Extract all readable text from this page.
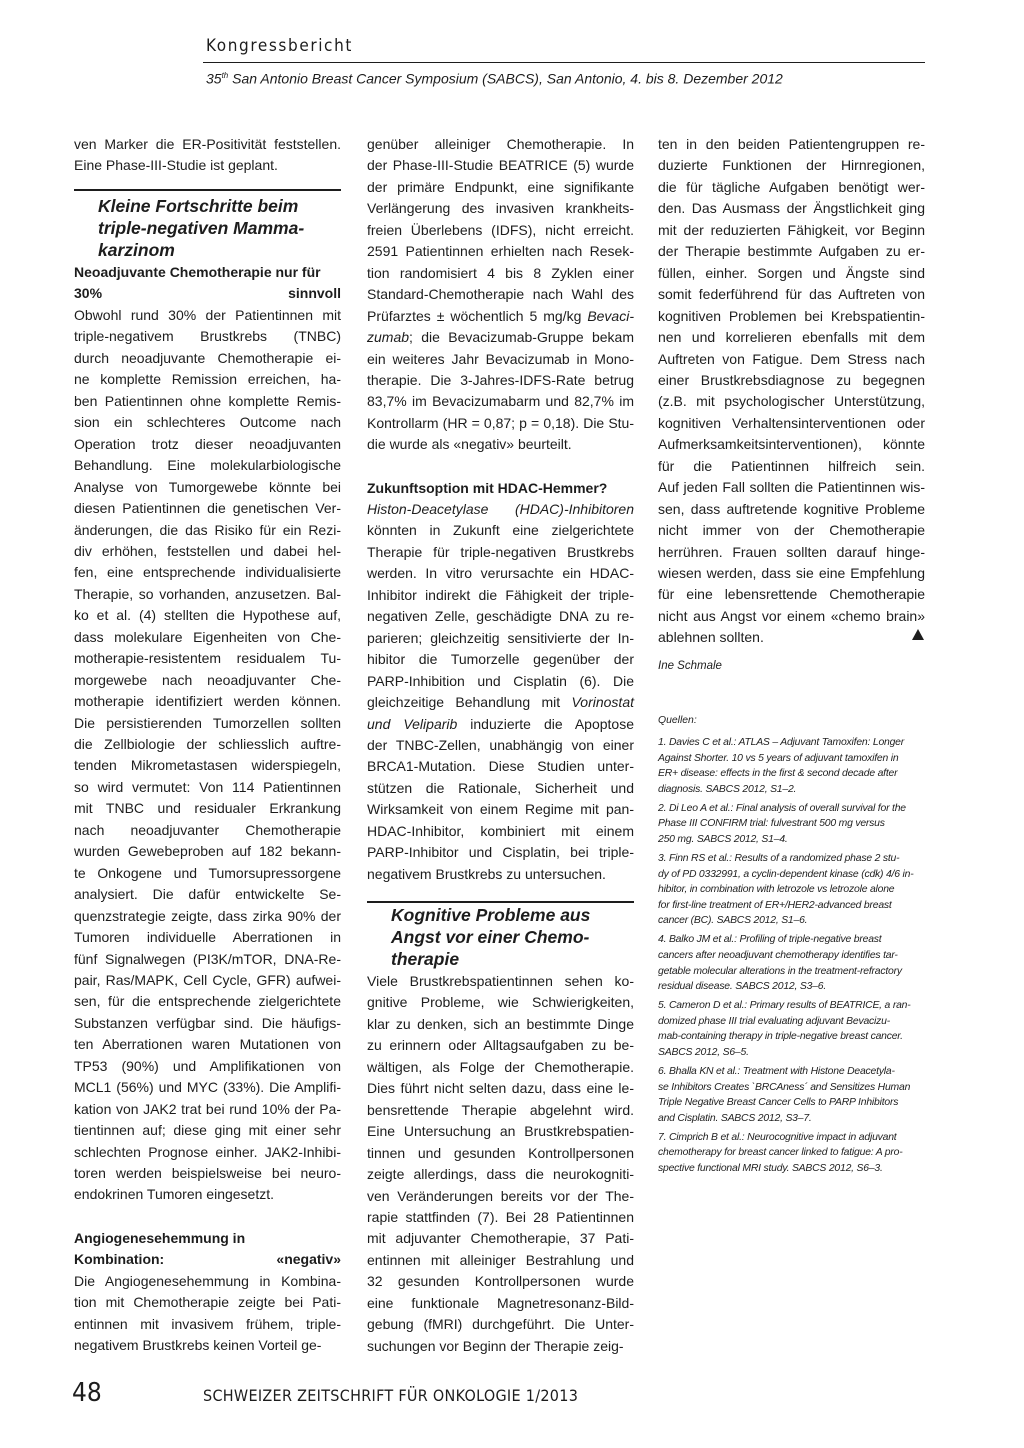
Kongressbericht
35th San Antonio Breast Cancer Symposium (SABCS), San Antonio, 4. bis 8. Dezember 2012
ven Marker die ER-Positivität feststellen.
Eine Phase-III-Studie ist geplant.
Kleine Fortschritte beim
triple-negativen Mamma-
karzinom
Neoadjuvante Chemotherapie nur für
30% sinnvoll
Obwohl rund 30% der Patientinnen mit
triple-negativem Brustkrebs (TNBC)
durch neoadjuvante Chemotherapie ei-
ne komplette Remission erreichen, ha-
ben Patientinnen ohne komplette Remis-
sion ein schlechteres Outcome nach
Operation trotz dieser neoadjuvanten
Behandlung. Eine molekularbiologische
Analyse von Tumorgewebe könnte bei
diesen Patientinnen die genetischen Ver-
änderungen, die das Risiko für ein Rezi-
div erhöhen, feststellen und dabei hel-
fen, eine entsprechende individualisierte
Therapie, so vorhanden, anzusetzen. Bal-
ko et al. (4) stellten die Hypothese auf,
dass molekulare Eigenheiten von Che-
motherapie-resistentem residualem Tu-
morgewebe nach neoadjuvanter Che-
motherapie identifiziert werden können.
Die persistierenden Tumorzellen sollten
die Zellbiologie der schliesslich auftre-
tenden Mikrometastasen widerspiegeln,
so wird vermutet: Von 114 Patientinnen
mit TNBC und residualer Erkrankung
nach neoadjuvanter Chemotherapie
wurden Gewebeproben auf 182 bekann-
te Onkogene und Tumorsupressorgene
analysiert. Die dafür entwickelte Se-
quenzstrategie zeigte, dass zirka 90% der
Tumoren individuelle Aberrationen in
fünf Signalwegen (PI3K/mTOR, DNA-Re-
pair, Ras/MAPK, Cell Cycle, GFR) aufwei-
sen, für die entsprechende zielgerichtete
Substanzen verfügbar sind. Die häufigs-
ten Aberrationen waren Mutationen von
TP53 (90%) und Amplifikationen von
MCL1 (56%) und MYC (33%). Die Amplifi-
kation von JAK2 trat bei rund 10% der Pa-
tientinnen auf; diese ging mit einer sehr
schlechten Prognose einher. JAK2-Inhibi-
toren werden beispielsweise bei neuro-
endokrinen Tumoren eingesetzt.
Angiogenesehemmung in
Kombination: «negativ»
Die Angiogenesehemmung in Kombina-
tion mit Chemotherapie zeigte bei Pati-
entinnen mit invasivem frühem, triple-
negativem Brustkrebs keinen Vorteil ge-
genüber alleiniger Chemotherapie. In
der Phase-III-Studie BEATRICE (5) wurde
der primäre Endpunkt, eine signifikante
Verlängerung des invasiven krankheits-
freien Überlebens (IDFS), nicht erreicht.
2591 Patientinnen erhielten nach Resek-
tion randomisiert 4 bis 8 Zyklen einer
Standard-Chemotherapie nach Wahl des
Prüfarztes ± wöchentlich 5 mg/kg Bevaci-
zumab; die Bevacizumab-Gruppe bekam
ein weiteres Jahr Bevacizumab in Mono-
therapie. Die 3-Jahres-IDFS-Rate betrug
83,7% im Bevacizumabarm und 82,7% im
Kontrollarm (HR = 0,87; p = 0,18). Die Stu-
die wurde als «negativ» beurteilt.
Zukunftsoption mit HDAC-Hemmer?
Histon-Deacetylase (HDAC)-Inhibitoren
könnten in Zukunft eine zielgerichtete
Therapie für triple-negativen Brustkrebs
werden. In vitro verursachte ein HDAC-
Inhibitor indirekt die Fähigkeit der triple-
negativen Zelle, geschädigte DNA zu re-
parieren; gleichzeitig sensitivierte der In-
hibitor die Tumorzelle gegenüber der
PARP-Inhibition und Cisplatin (6). Die
gleichzeitige Behandlung mit Vorinostat
und Veliparib induzierte die Apoptose
der TNBC-Zellen, unabhängig von einer
BRCA1-Mutation. Diese Studien unter-
stützen die Rationale, Sicherheit und
Wirksamkeit von einem Regime mit pan-
HDAC-Inhibitor, kombiniert mit einem
PARP-Inhibitor und Cisplatin, bei triple-
negativem Brustkrebs zu untersuchen.
Kognitive Probleme aus
Angst vor einer Chemo-
therapie
Viele Brustkrebspatientinnen sehen ko-
gnitive Probleme, wie Schwierigkeiten,
klar zu denken, sich an bestimmte Dinge
zu erinnern oder Alltagsaufgaben zu be-
wältigen, als Folge der Chemotherapie.
Dies führt nicht selten dazu, dass eine le-
bensrettende Therapie abgelehnt wird.
Eine Untersuchung an Brustkrebspatien-
tinnen und gesunden Kontrollpersonen
zeigte allerdings, dass die neurokogniti-
ven Veränderungen bereits vor der The-
rapie stattfinden (7). Bei 28 Patientinnen
mit adjuvanter Chemotherapie, 37 Pati-
entinnen mit alleiniger Bestrahlung und
32 gesunden Kontrollpersonen wurde
eine funktionale Magnetresonanz-Bild-
gebung (fMRI) durchgeführt. Die Unter-
suchungen vor Beginn der Therapie zeig-
ten in den beiden Patientengruppen re-
duzierte Funktionen der Hirnregionen,
die für tägliche Aufgaben benötigt wer-
den. Das Ausmass der Ängstlichkeit ging
mit der reduzierten Fähigkeit, vor Beginn
der Therapie bestimmte Aufgaben zu er-
füllen, einher. Sorgen und Ängste sind
somit federführend für das Auftreten von
kognitiven Problemen bei Krebspatientin-
nen und korrelieren ebenfalls mit dem
Auftreten von Fatigue. Dem Stress nach
einer Brustkrebsdiagnose zu begegnen
(z.B. mit psychologischer Unterstützung,
kognitiven Verhaltensinterventionen oder
Aufmerksamkeitsinterventionen), könnte
für die Patientinnen hilfreich sein.
Auf jeden Fall sollten die Patientinnen wis-
sen, dass auftretende kognitive Probleme
nicht immer von der Chemotherapie
herrühren. Frauen sollten darauf hinge-
wiesen werden, dass sie eine Empfehlung
für eine lebensrettende Chemotherapie
nicht aus Angst vor einem «chemo brain»
ablehnen sollten.
Ine Schmale
Quellen:
1. Davies C et al.: ATLAS – Adjuvant Tamoxifen: Longer
Against Shorter. 10 vs 5 years of adjuvant tamoxifen in
ER+ disease: effects in the first & second decade after
diagnosis. SABCS 2012, S1–2.
2. Di Leo A et al.: Final analysis of overall survival for the
Phase III CONFIRM trial: fulvestrant 500 mg versus
250 mg. SABCS 2012, S1–4.
3. Finn RS et al.: Results of a randomized phase 2 stu-
dy of PD 0332991, a cyclin-dependent kinase (cdk) 4/6 in-
hibitor, in combination with letrozole vs letrozole alone
for first-line treatment of ER+/HER2-advanced breast
cancer (BC). SABCS 2012, S1–6.
4. Balko JM et al.: Profiling of triple-negative breast
cancers after neoadjuvant chemotherapy identifies tar-
getable molecular alterations in the treatment-refractory
residual disease. SABCS 2012, S3–6.
5. Cameron D et al.: Primary results of BEATRICE, a ran-
domized phase III trial evaluating adjuvant Bevacizu-
mab-containing therapy in triple-negative breast cancer.
SABCS 2012, S6–5.
6. Bhalla KN et al.: Treatment with Histone Deacetyla-
se Inhibitors Creates `BRCAness´ and Sensitizes Human
Triple Negative Breast Cancer Cells to PARP Inhibitors
and Cisplatin. SABCS 2012, S3–7.
7. Cimprich B et al.: Neurocognitive impact in adjuvant
chemotherapy for breast cancer linked to fatigue: A pro-
spective functional MRI study. SABCS 2012, S6–3.
48	SCHWEIZER ZEITSCHRIFT FÜR ONKOLOGIE 1/2013
